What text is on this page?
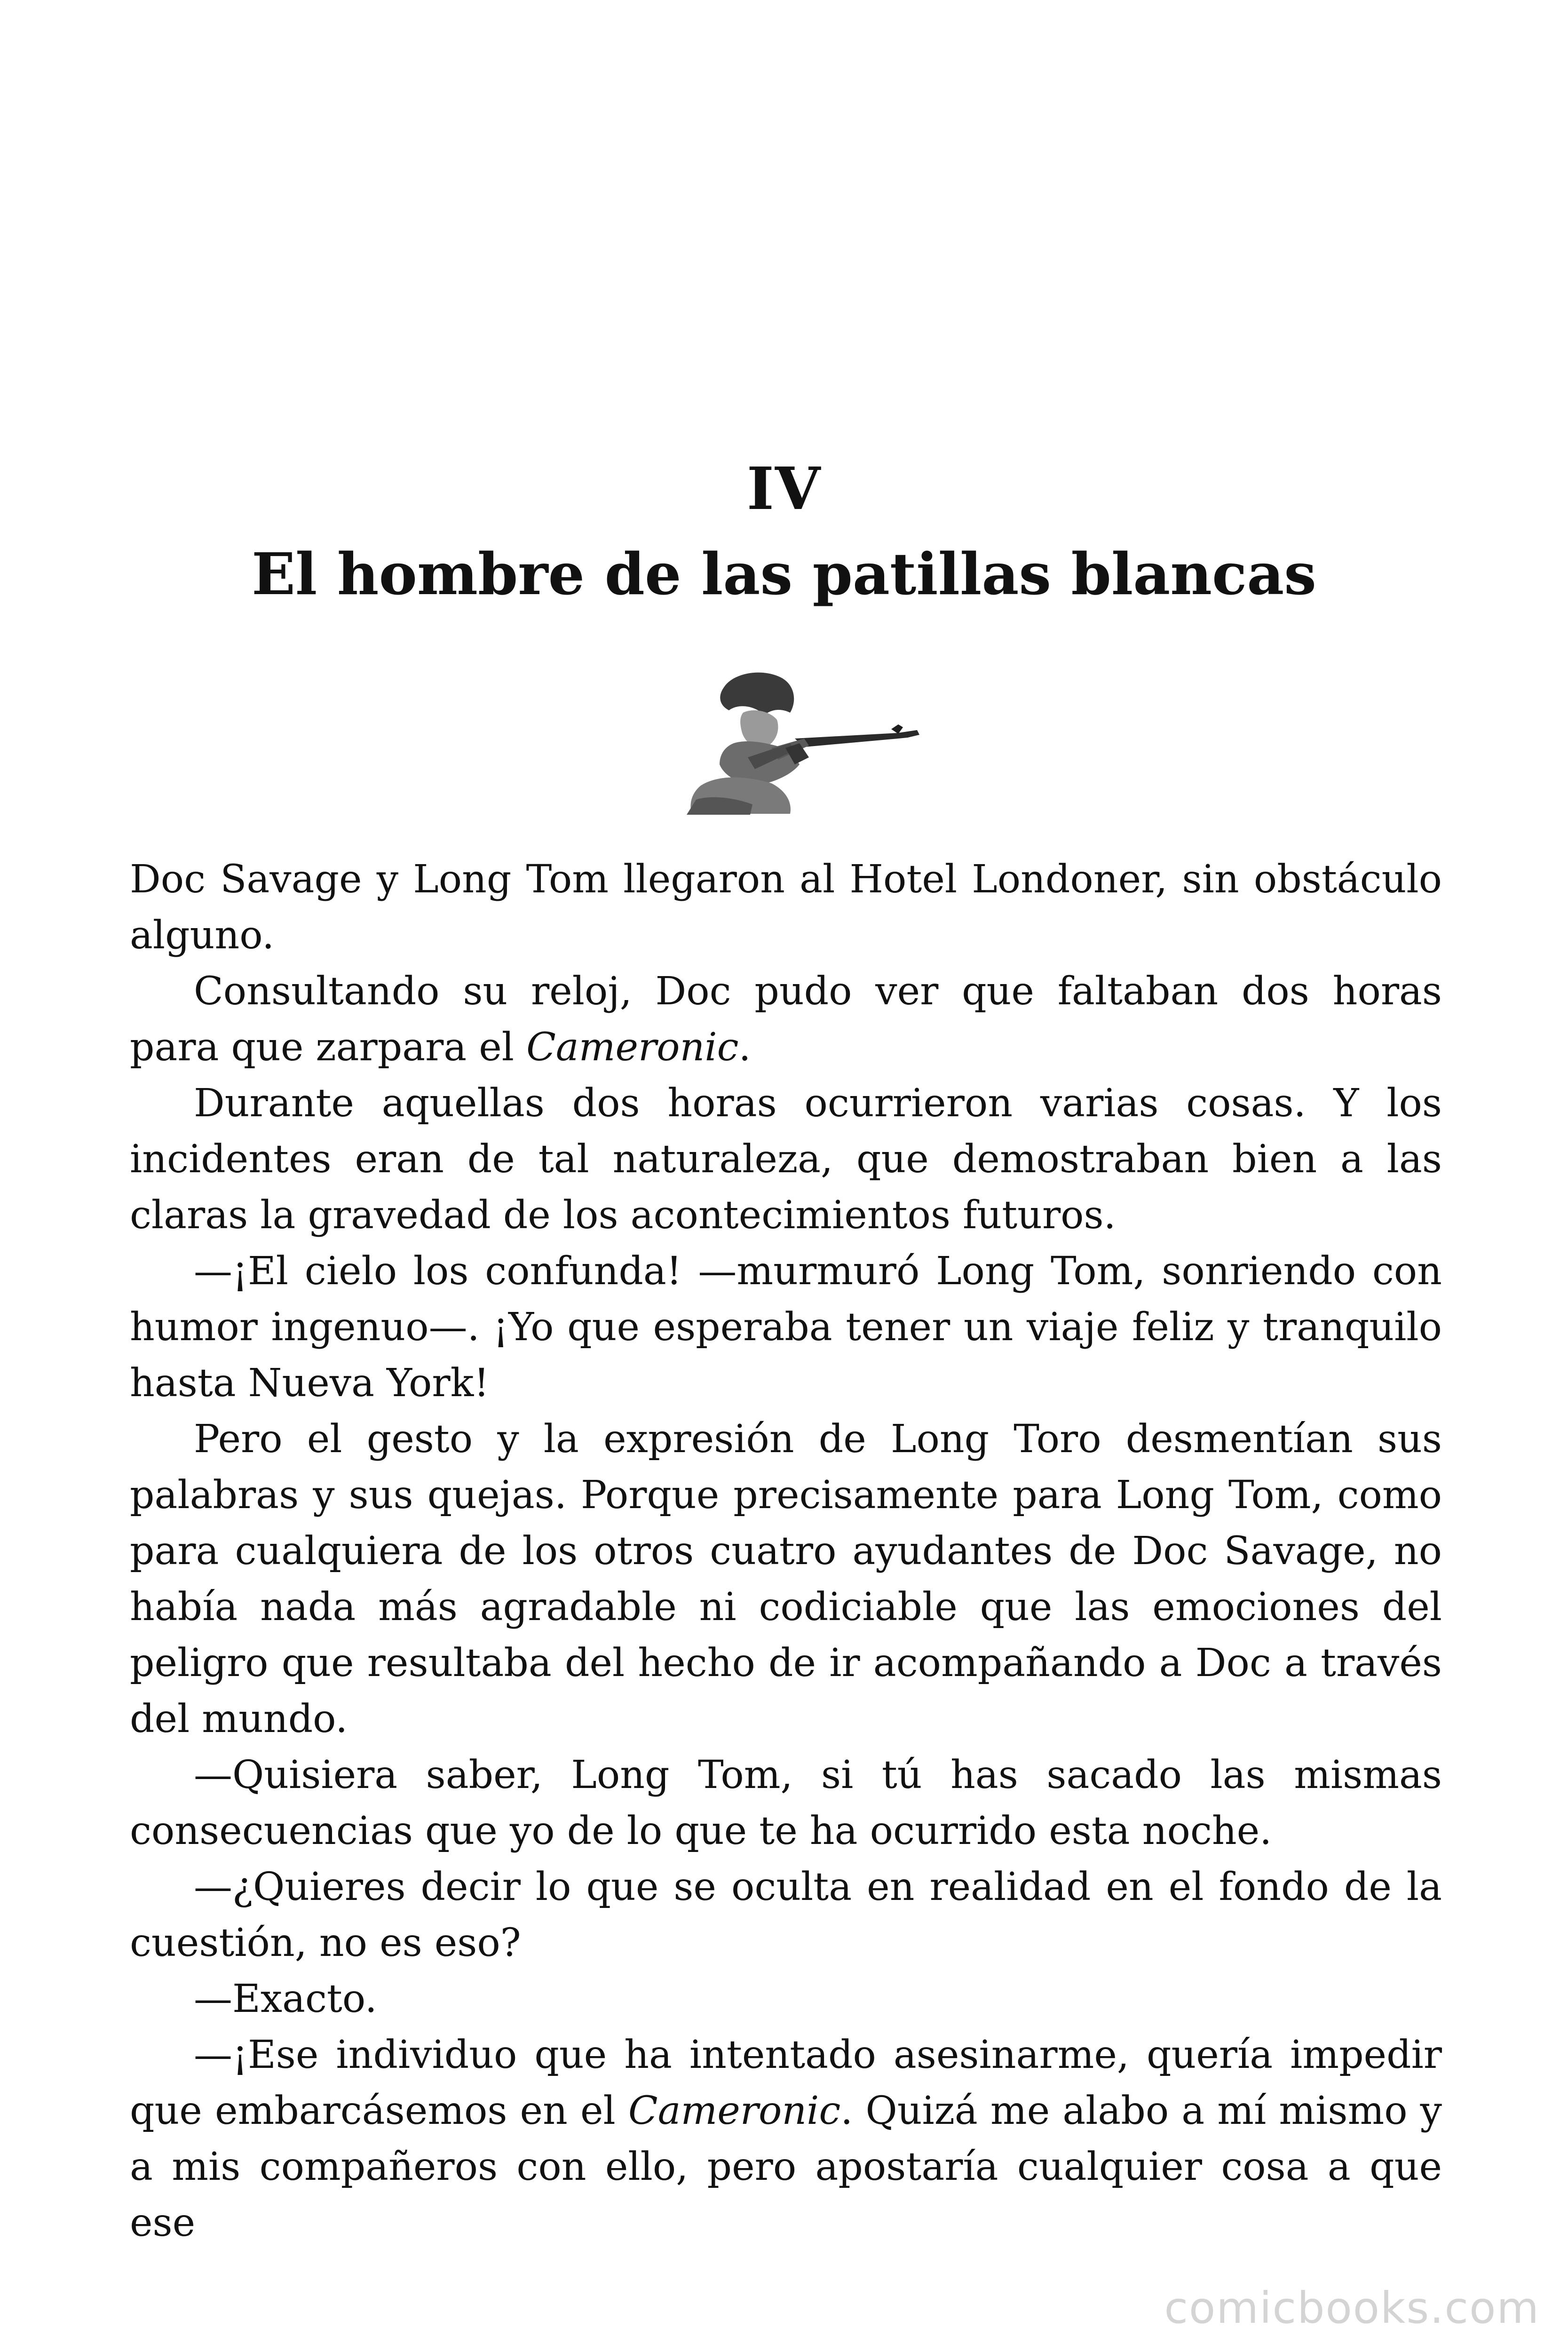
IV
El hombre de las patillas blancas

Doc Savage y Long Tom llegaron al Hotel Londoner, sin obstáculo alguno.

Consultando su reloj, Doc pudo ver que faltaban dos horas para que zarpara el Cameronic.

Durante aquellas dos horas ocurrieron varias cosas. Y los incidentes eran de tal naturaleza, que demostraban bien a las claras la gravedad de los acontecimientos futuros.

—¡El cielo los confunda! —murmuró Long Tom, sonriendo con humor ingenuo—. ¡Yo que esperaba tener un viaje feliz y tranquilo hasta Nueva York!

Pero el gesto y la expresión de Long Toro desmentían sus palabras y sus quejas. Porque precisamente para Long Tom, como para cualquiera de los otros cuatro ayudantes de Doc Savage, no había nada más agradable ni codiciable que las emociones del peligro que resultaba del hecho de ir acompañando a Doc a través del mundo.

—Quisiera saber, Long Tom, si tú has sacado las mismas consecuencias que yo de lo que te ha ocurrido esta noche.

—¿Quieres decir lo que se oculta en realidad en el fondo de la cuestión, no es eso?

—Exacto.

—¡Ese individuo que ha intentado asesinarme, quería impedir que embarcásemos en el Cameronic. Quizá me alabo a mí mismo y a mis compañeros con ello, pero apostaría cualquier cosa a que ese

comicbooks.com
